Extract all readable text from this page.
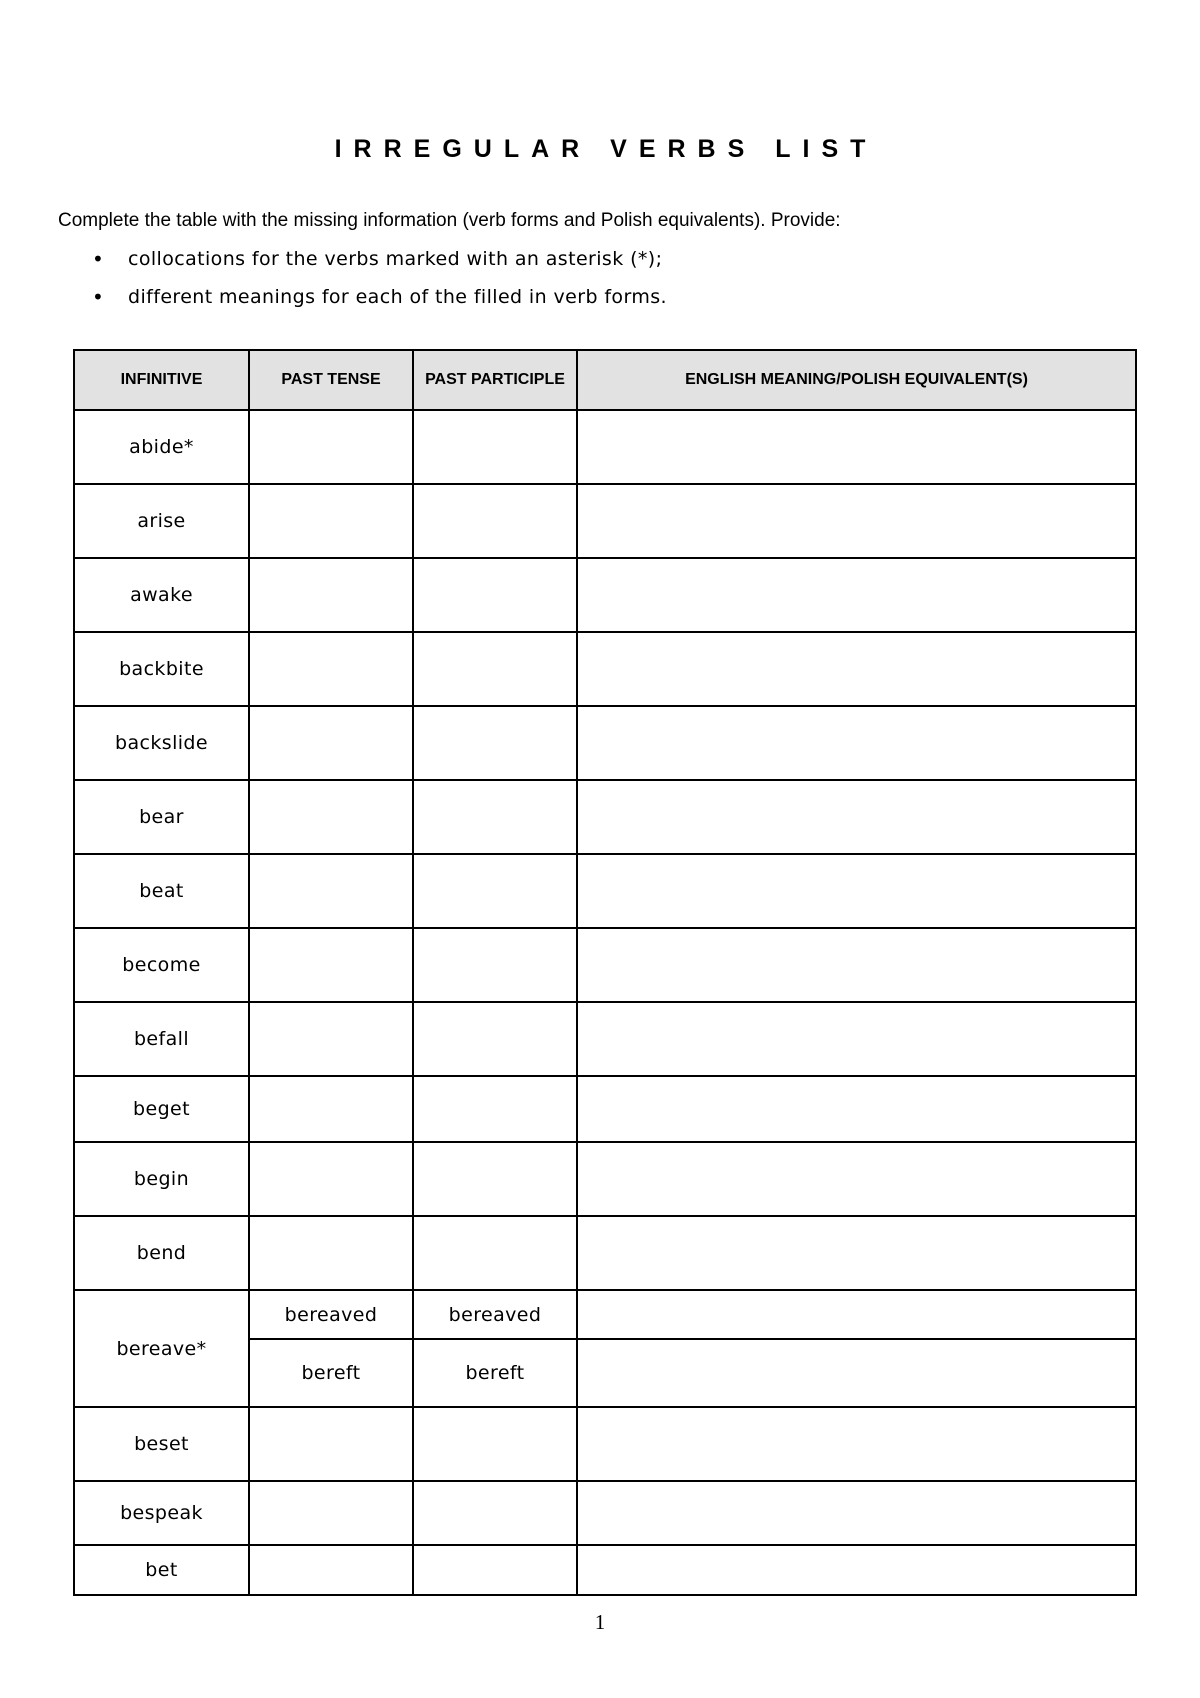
IRREGULAR VERBS LIST
Complete the table with the missing information (verb forms and Polish equivalents). Provide:
• collocations for the verbs marked with an asterisk (*);
• different meanings for each of the filled in verb forms.
INFINITIVE	PAST TENSE	PAST PARTICIPLE	ENGLISH MEANING/POLISH EQUIVALENT(S)
abide*			
arise			
awake			
backbite			
backslide			
bear			
beat			
become			
befall			
beget			
begin			
bend			
bereave*	bereaved	bereaved	
	bereft	bereft	
beset			
bespeak			
bet			
1
